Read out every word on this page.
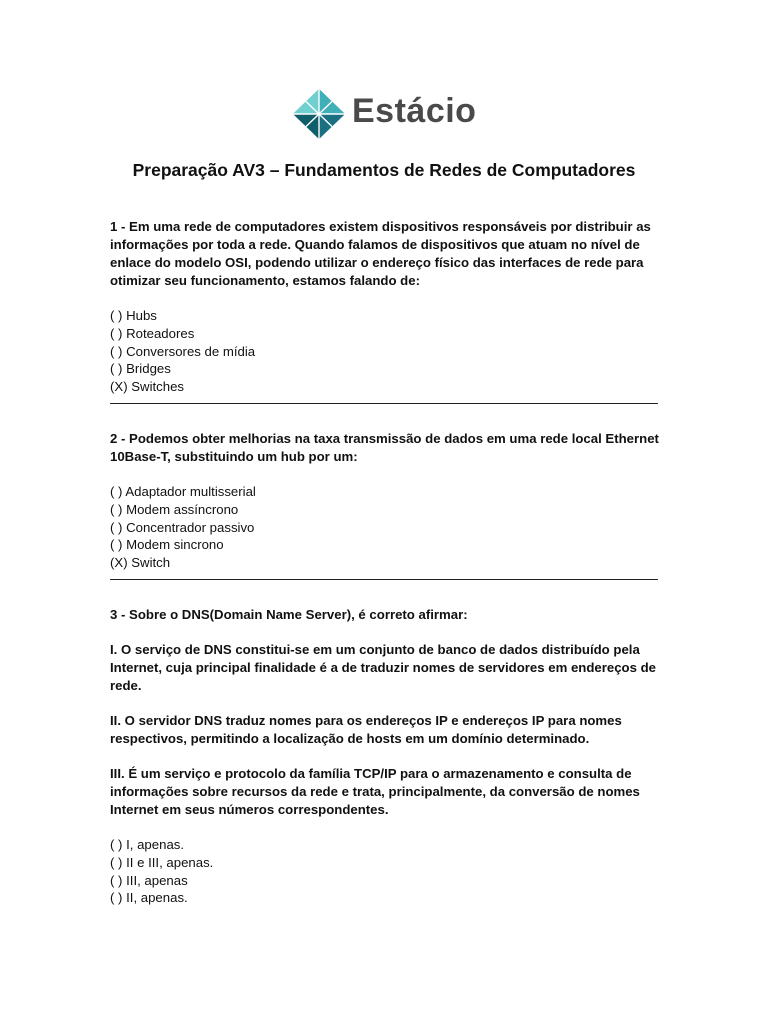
Estácio
Preparação AV3 – Fundamentos de Redes de Computadores

1 - Em uma rede de computadores existem dispositivos responsáveis por distribuir as informações por toda a rede. Quando falamos de dispositivos que atuam no nível de enlace do modelo OSI, podendo utilizar o endereço físico das interfaces de rede para otimizar seu funcionamento, estamos falando de:

( ) Hubs
( ) Roteadores
( ) Conversores de mídia
( ) Bridges
(X) Switches

2 - Podemos obter melhorias na taxa transmissão de dados em uma rede local Ethernet 10Base-T, substituindo um hub por um:

( ) Adaptador multisserial
( ) Modem assíncrono
( ) Concentrador passivo
( ) Modem sincrono
(X) Switch

3 - Sobre o DNS(Domain Name Server), é correto afirmar:

I. O serviço de DNS constitui-se em um conjunto de banco de dados distribuído pela Internet, cuja principal finalidade é a de traduzir nomes de servidores em endereços de rede.

II. O servidor DNS traduz nomes para os endereços IP e endereços IP para nomes respectivos, permitindo a localização de hosts em um domínio determinado.

III. É um serviço e protocolo da família TCP/IP para o armazenamento e consulta de informações sobre recursos da rede e trata, principalmente, da conversão de nomes Internet em seus números correspondentes.

( ) I, apenas.
( ) II e III, apenas.
( ) III, apenas
( ) II, apenas.
